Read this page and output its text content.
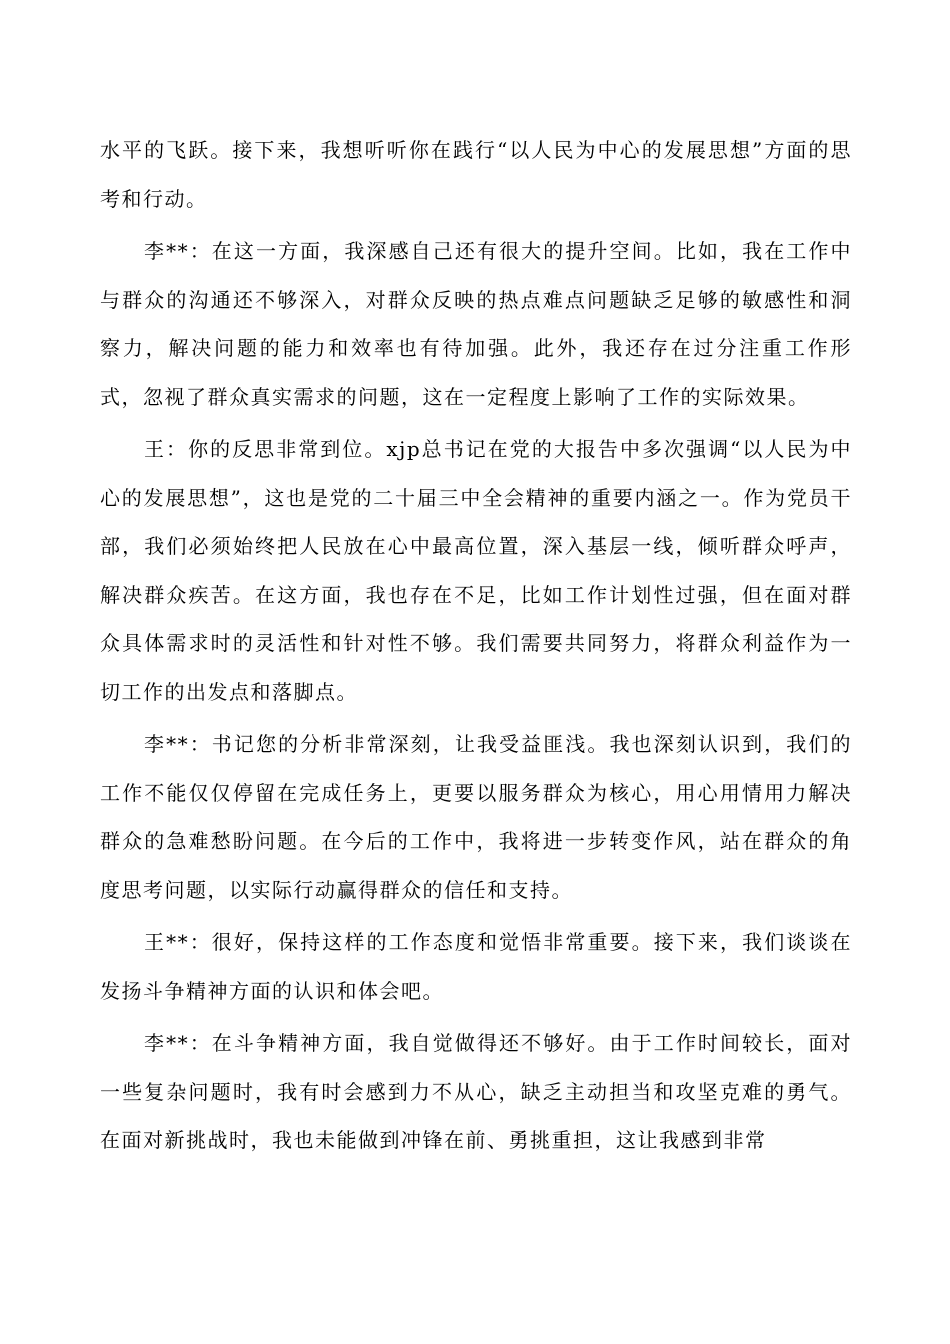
水平的飞跃。接下来，我想听听你在践行“以人民为中心的发展思想”方面的思考和行动。

李**：在这一方面，我深感自己还有很大的提升空间。比如，我在工作中与群众的沟通还不够深入，对群众反映的热点难点问题缺乏足够的敏感性和洞察力，解决问题的能力和效率也有待加强。此外，我还存在过分注重工作形式，忽视了群众真实需求的问题，这在一定程度上影响了工作的实际效果。

王：你的反思非常到位。xjp总书记在党的大报告中多次强调“以人民为中心的发展思想”，这也是党的二十届三中全会精神的重要内涵之一。作为党员干部，我们必须始终把人民放在心中最高位置，深入基层一线，倾听群众呼声，解决群众疾苦。在这方面，我也存在不足，比如工作计划性过强，但在面对群众具体需求时的灵活性和针对性不够。我们需要共同努力，将群众利益作为一切工作的出发点和落脚点。

李**：书记您的分析非常深刻，让我受益匪浅。我也深刻认识到，我们的工作不能仅仅停留在完成任务上，更要以服务群众为核心，用心用情用力解决群众的急难愁盼问题。在今后的工作中，我将进一步转变作风，站在群众的角度思考问题，以实际行动赢得群众的信任和支持。

王**：很好，保持这样的工作态度和觉悟非常重要。接下来，我们谈谈在发扬斗争精神方面的认识和体会吧。

李**：在斗争精神方面，我自觉做得还不够好。由于工作时间较长，面对一些复杂问题时，我有时会感到力不从心，缺乏主动担当和攻坚克难的勇气。在面对新挑战时，我也未能做到冲锋在前、勇挑重担，这让我感到非常
